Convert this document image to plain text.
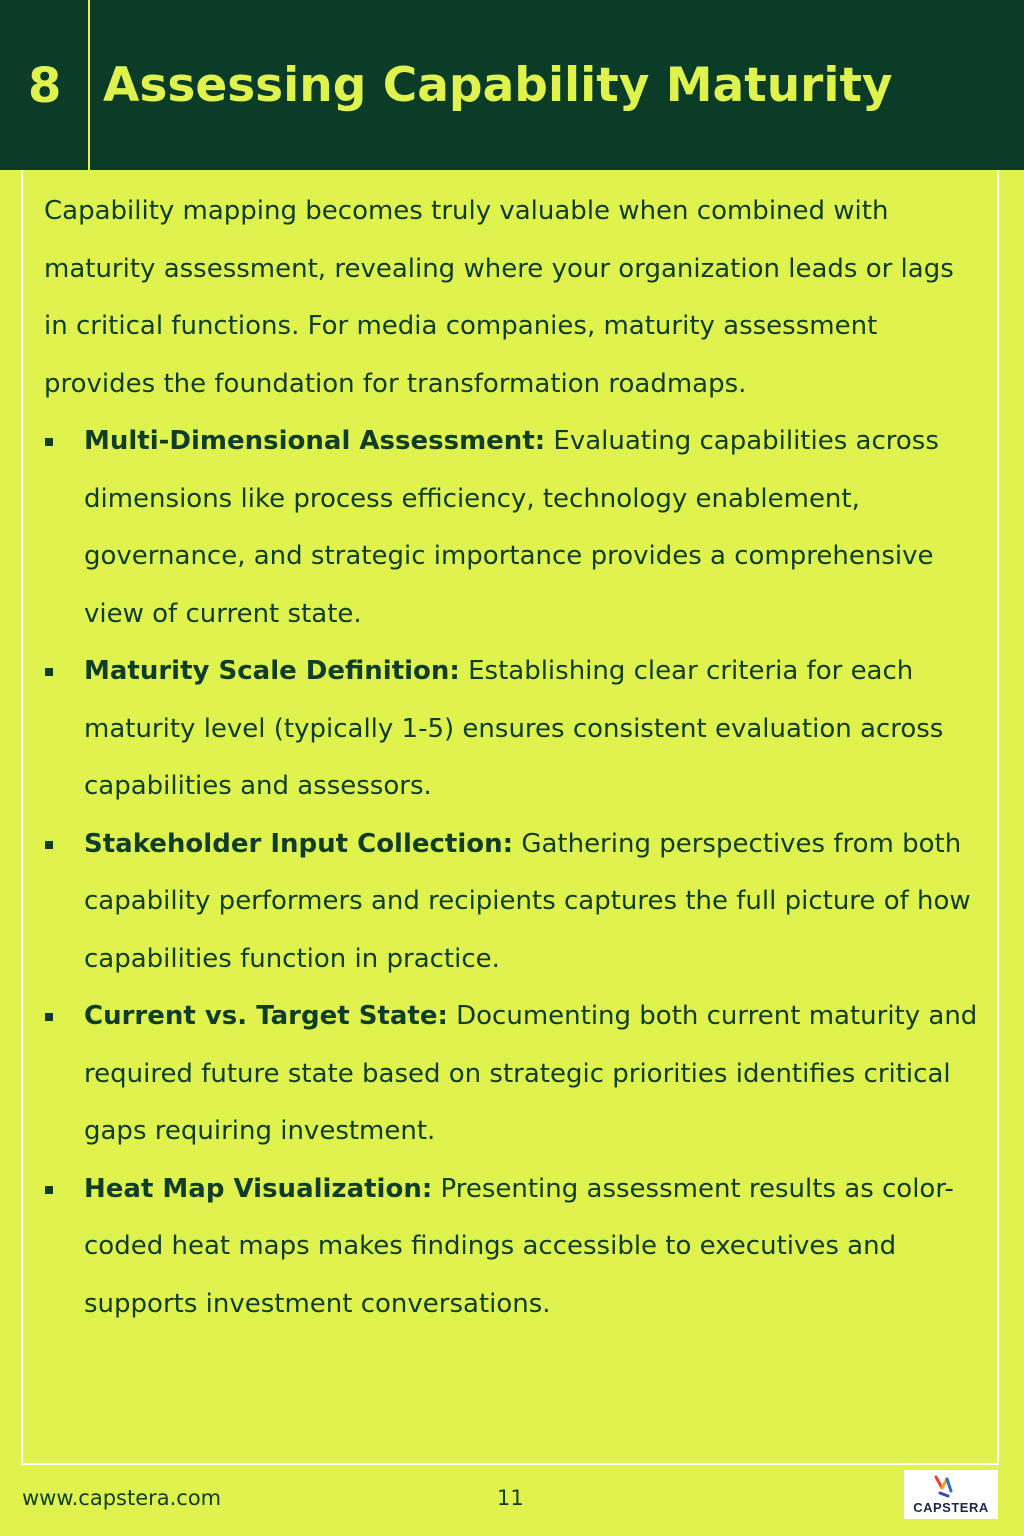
8 Assessing Capability Maturity

Capability mapping becomes truly valuable when combined with maturity assessment, revealing where your organization leads or lags in critical functions. For media companies, maturity assessment provides the foundation for transformation roadmaps.

Multi-Dimensional Assessment: Evaluating capabilities across dimensions like process efficiency, technology enablement, governance, and strategic importance provides a comprehensive view of current state.
Maturity Scale Definition: Establishing clear criteria for each maturity level (typically 1-5) ensures consistent evaluation across capabilities and assessors.
Stakeholder Input Collection: Gathering perspectives from both capability performers and recipients captures the full picture of how capabilities function in practice.
Current vs. Target State: Documenting both current maturity and required future state based on strategic priorities identifies critical gaps requiring investment.
Heat Map Visualization: Presenting assessment results as color-coded heat maps makes findings accessible to executives and supports investment conversations.
www.capstera.com	11	CAPSTERA
